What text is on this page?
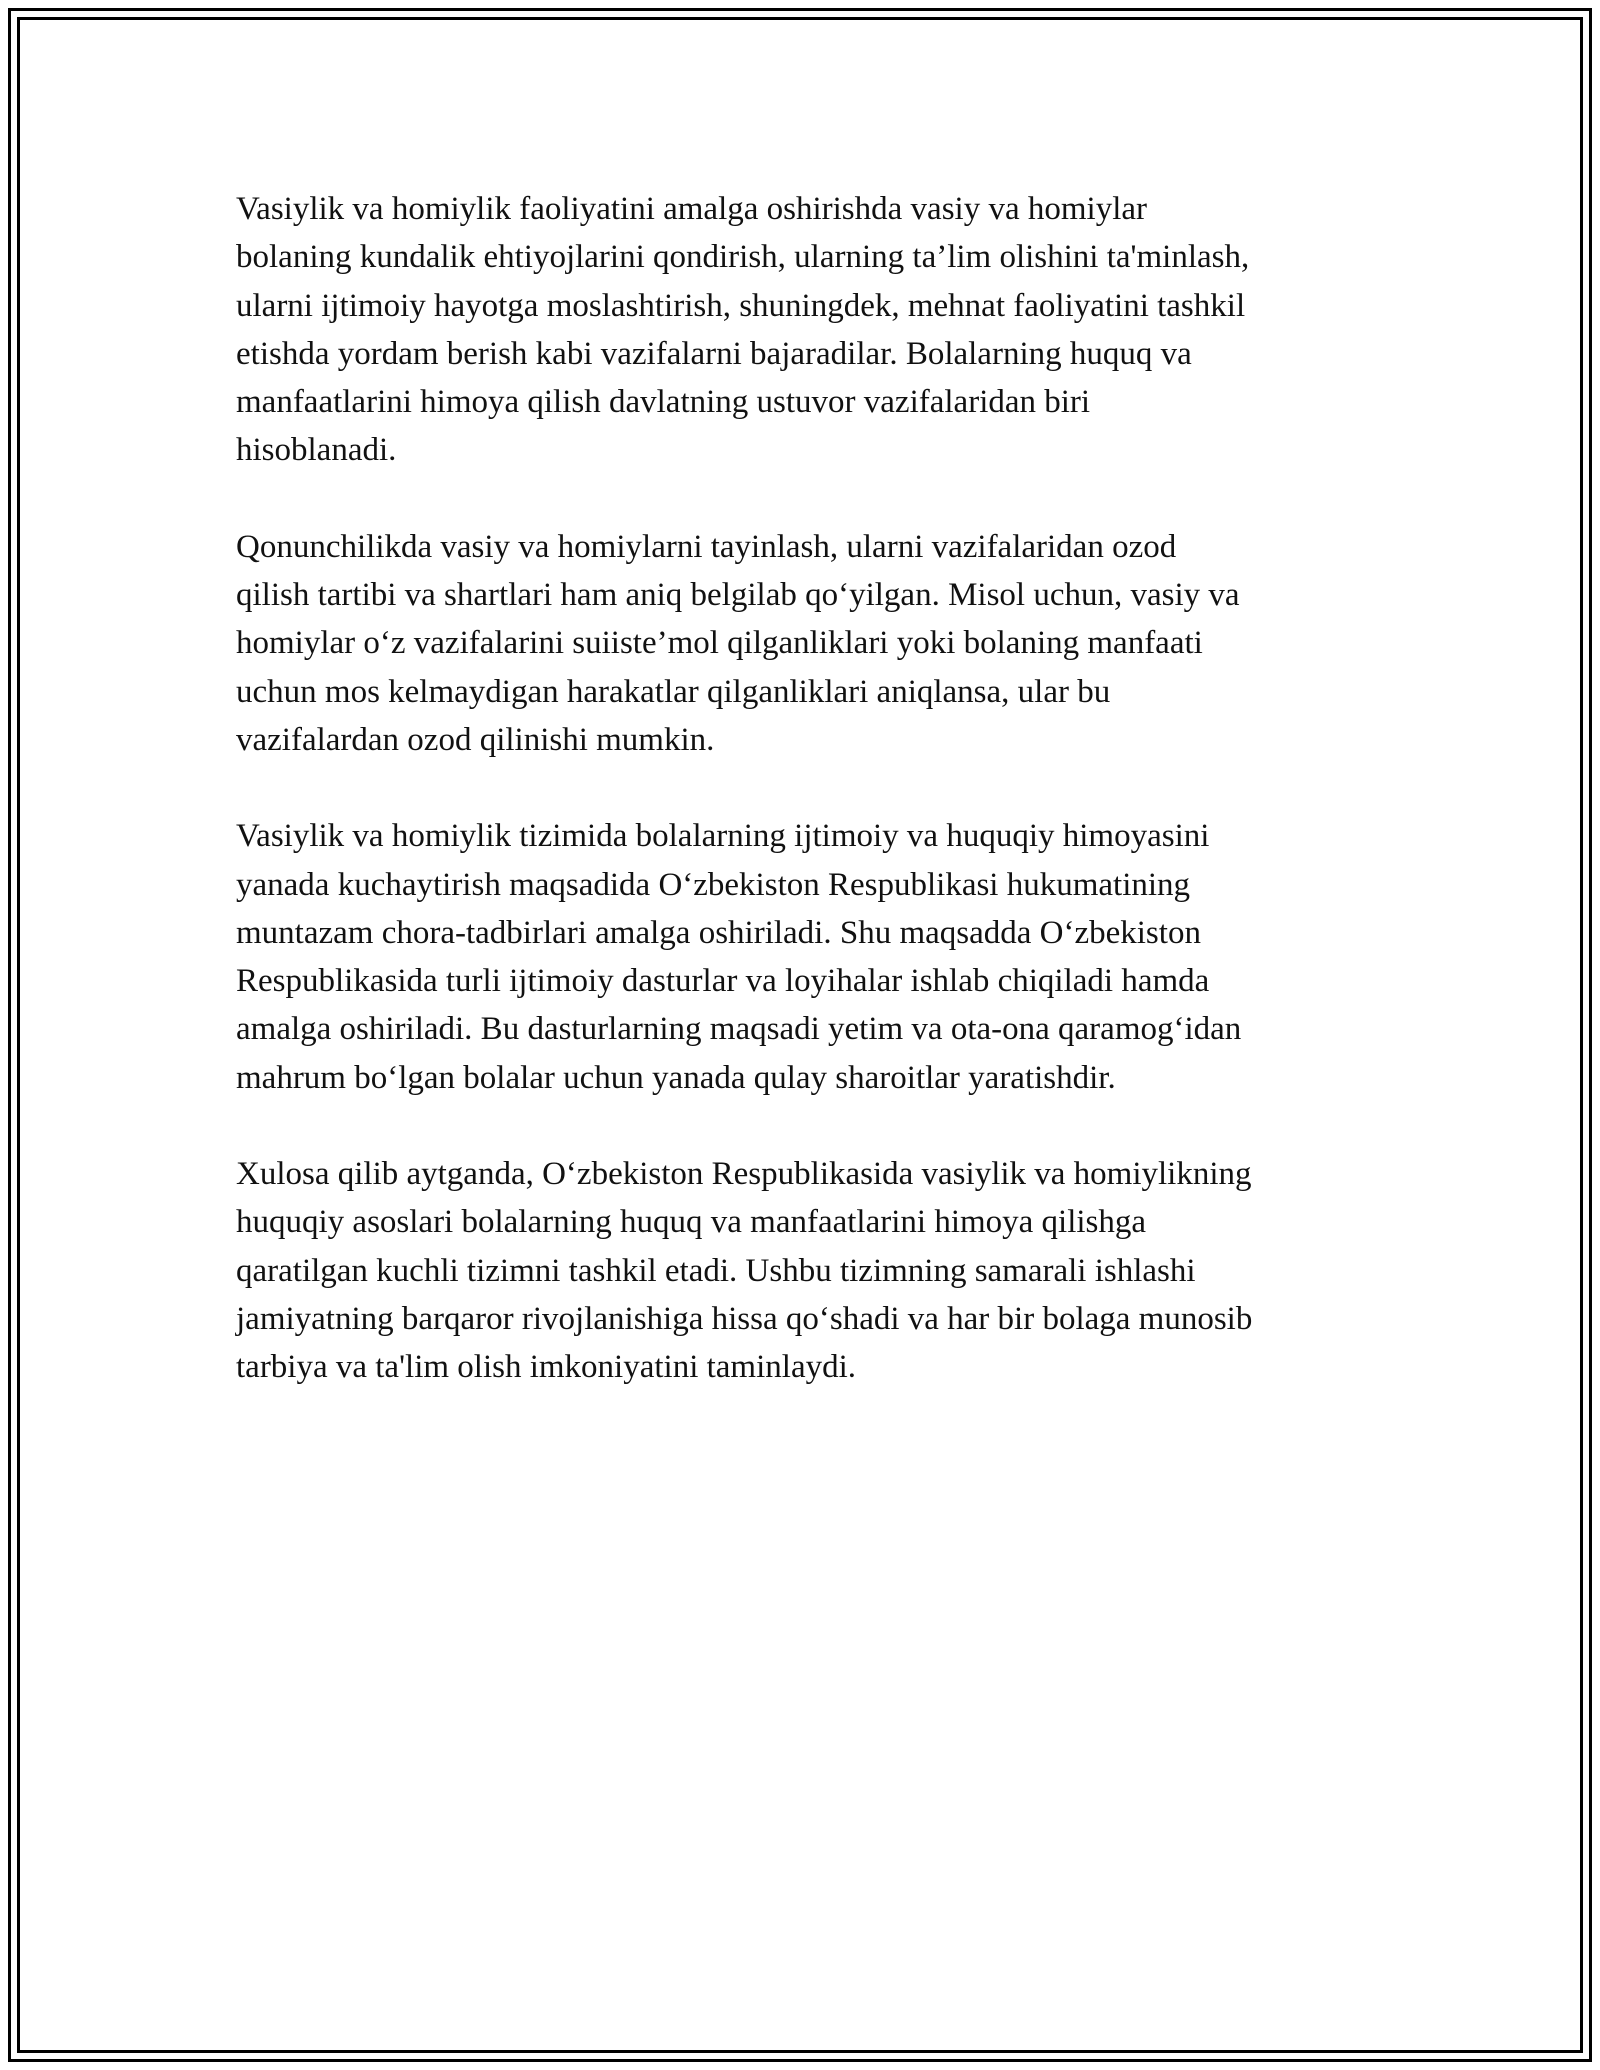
Vasiylik va homiylik faoliyatini amalga oshirishda vasiy va homiylar
bolaning kundalik ehtiyojlarini qondirish, ularning ta’lim olishini ta'minlash,
ularni ijtimoiy hayotga moslashtirish, shuningdek, mehnat faoliyatini tashkil
etishda yordam berish kabi vazifalarni bajaradilar. Bolalarning huquq va
manfaatlarini himoya qilish davlatning ustuvor vazifalaridan biri
hisoblanadi.

Qonunchilikda vasiy va homiylarni tayinlash, ularni vazifalaridan ozod
qilish tartibi va shartlari ham aniq belgilab qo‘yilgan. Misol uchun, vasiy va
homiylar o‘z vazifalarini suiiste’mol qilganliklari yoki bolaning manfaati
uchun mos kelmaydigan harakatlar qilganliklari aniqlansa, ular bu
vazifalardan ozod qilinishi mumkin.

Vasiylik va homiylik tizimida bolalarning ijtimoiy va huquqiy himoyasini
yanada kuchaytirish maqsadida O‘zbekiston Respublikasi hukumatining
muntazam chora-tadbirlari amalga oshiriladi. Shu maqsadda O‘zbekiston
Respublikasida turli ijtimoiy dasturlar va loyihalar ishlab chiqiladi hamda
amalga oshiriladi. Bu dasturlarning maqsadi yetim va ota-ona qaramog‘idan
mahrum bo‘lgan bolalar uchun yanada qulay sharoitlar yaratishdir.

Xulosa qilib aytganda, O‘zbekiston Respublikasida vasiylik va homiylikning
huquqiy asoslari bolalarning huquq va manfaatlarini himoya qilishga
qaratilgan kuchli tizimni tashkil etadi. Ushbu tizimning samarali ishlashi
jamiyatning barqaror rivojlanishiga hissa qo‘shadi va har bir bolaga munosib
tarbiya va ta'lim olish imkoniyatini taminlaydi.
